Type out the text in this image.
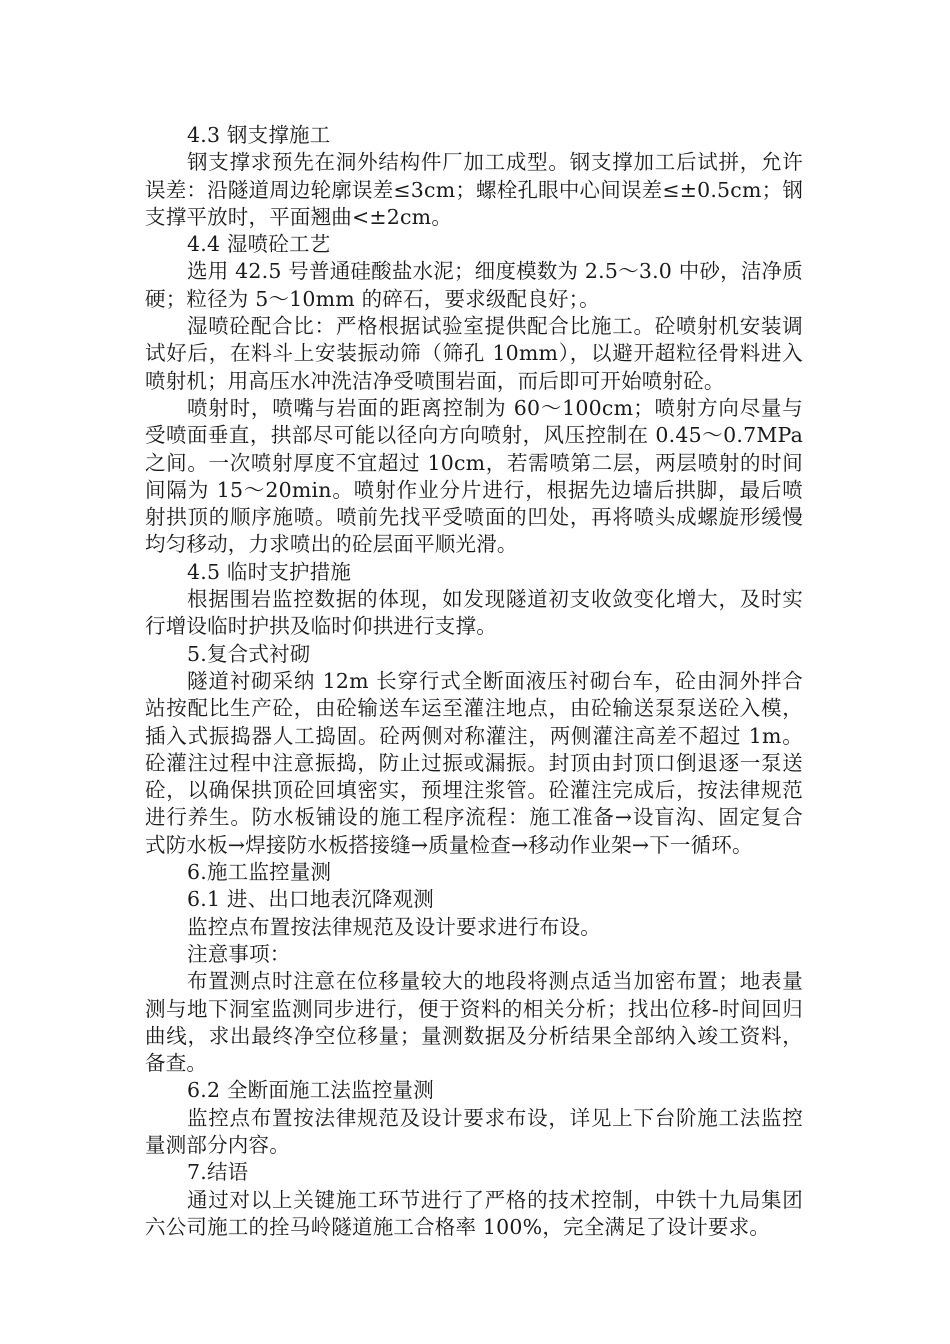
4.3 钢支撑施工

钢支撑求预先在洞外结构件厂加工成型。钢支撑加工后试拼，允许误差：沿隧道周边轮廓误差≤3cm；螺栓孔眼中心间误差≤±0.5cm；钢支撑平放时，平面翘曲<±2cm。

4.4 湿喷砼工艺

选用 42.5 号普通硅酸盐水泥；细度模数为 2.5～3.0 中砂，洁净质硬；粒径为 5～10mm 的碎石，要求级配良好；。

湿喷砼配合比：严格根据试验室提供配合比施工。砼喷射机安装调试好后，在料斗上安装振动筛（筛孔 10mm），以避开超粒径骨料进入喷射机；用高压水冲洗洁净受喷围岩面，而后即可开始喷射砼。

喷射时，喷嘴与岩面的距离控制为 60～100cm；喷射方向尽量与受喷面垂直，拱部尽可能以径向方向喷射，风压控制在 0.45～0.7MPa 之间。一次喷射厚度不宜超过 10cm，若需喷第二层，两层喷射的时间间隔为 15～20min。喷射作业分片进行，根据先边墙后拱脚，最后喷射拱顶的顺序施喷。喷前先找平受喷面的凹处，再将喷头成螺旋形缓慢均匀移动，力求喷出的砼层面平顺光滑。

4.5 临时支护措施

根据围岩监控数据的体现，如发现隧道初支收敛变化增大，及时实行增设临时护拱及临时仰拱进行支撑。

5.复合式衬砌

隧道衬砌采纳 12m 长穿行式全断面液压衬砌台车，砼由洞外拌合站按配比生产砼，由砼输送车运至灌注地点，由砼输送泵泵送砼入模，插入式振捣器人工捣固。砼两侧对称灌注，两侧灌注高差不超过 1m。砼灌注过程中注意振捣，防止过振或漏振。封顶由封顶口倒退逐一泵送砼，以确保拱顶砼回填密实，预埋注浆管。砼灌注完成后，按法律规范进行养生。防水板铺设的施工程序流程：施工准备→设盲沟、固定复合式防水板→焊接防水板搭接缝→质量检查→移动作业架→下一循环。

6.施工监控量测

6.1 进、出口地表沉降观测

监控点布置按法律规范及设计要求进行布设。

注意事项：

布置测点时注意在位移量较大的地段将测点适当加密布置；地表量测与地下洞室监测同步进行，便于资料的相关分析；找出位移-时间回归曲线，求出最终净空位移量；量测数据及分析结果全部纳入竣工资料，备查。

6.2 全断面施工法监控量测

监控点布置按法律规范及设计要求布设，详见上下台阶施工法监控量测部分内容。

7.结语

通过对以上关键施工环节进行了严格的技术控制，中铁十九局集团六公司施工的拴马岭隧道施工合格率 100%，完全满足了设计要求。
